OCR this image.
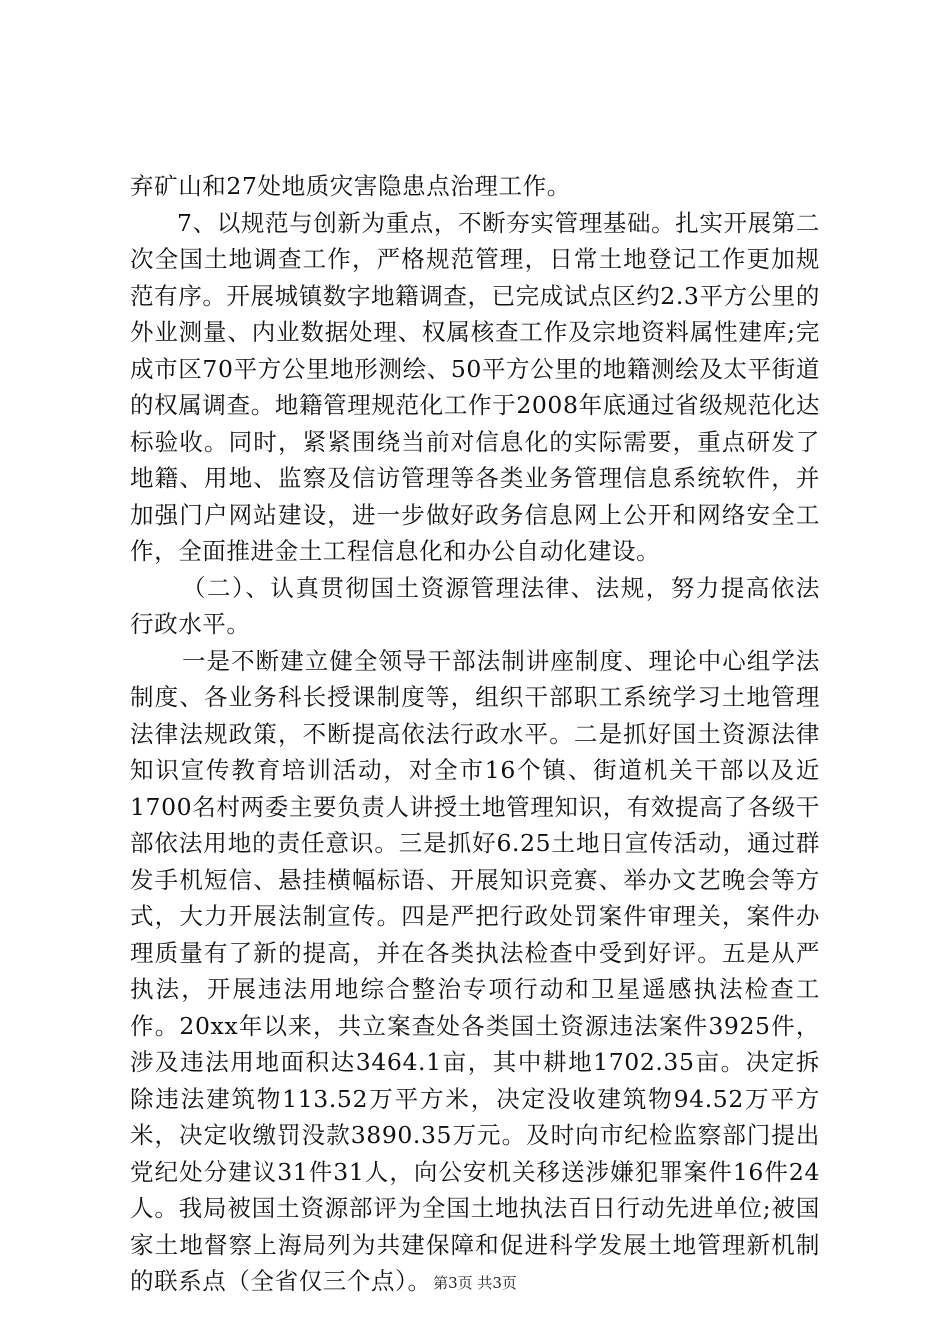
弃矿山和27处地质灾害隐患点治理工作。

7、以规范与创新为重点，不断夯实管理基础。扎实开展第二次全国土地调查工作，严格规范管理，日常土地登记工作更加规范有序。开展城镇数字地籍调查，已完成试点区约2.3平方公里的外业测量、内业数据处理、权属核查工作及宗地资料属性建库;完成市区70平方公里地形测绘、50平方公里的地籍测绘及太平街道的权属调查。地籍管理规范化工作于2008年底通过省级规范化达标验收。同时，紧紧围绕当前对信息化的实际需要，重点研发了地籍、用地、监察及信访管理等各类业务管理信息系统软件，并加强门户网站建设，进一步做好政务信息网上公开和网络安全工作，全面推进金土工程信息化和办公自动化建设。

（二）、认真贯彻国土资源管理法律、法规，努力提高依法行政水平。

一是不断建立健全领导干部法制讲座制度、理论中心组学法制度、各业务科长授课制度等，组织干部职工系统学习土地管理法律法规政策，不断提高依法行政水平。二是抓好国土资源法律知识宣传教育培训活动，对全市16个镇、街道机关干部以及近1700名村两委主要负责人讲授土地管理知识，有效提高了各级干部依法用地的责任意识。三是抓好6.25土地日宣传活动，通过群发手机短信、悬挂横幅标语、开展知识竞赛、举办文艺晚会等方式，大力开展法制宣传。四是严把行政处罚案件审理关，案件办理质量有了新的提高，并在各类执法检查中受到好评。五是从严执法，开展违法用地综合整治专项行动和卫星遥感执法检查工作。20xx年以来，共立案查处各类国土资源违法案件3925件，涉及违法用地面积达3464.1亩，其中耕地1702.35亩。决定拆除违法建筑物113.52万平方米，决定没收建筑物94.52万平方米，决定收缴罚没款3890.35万元。及时向市纪检监察部门提出党纪处分建议31件31人，向公安机关移送涉嫌犯罪案件16件24人。我局被国土资源部评为全国土地执法百日行动先进单位;被国家土地督察上海局列为共建保障和促进科学发展土地管理新机制的联系点（全省仅三个点）。 第3页 共3页
